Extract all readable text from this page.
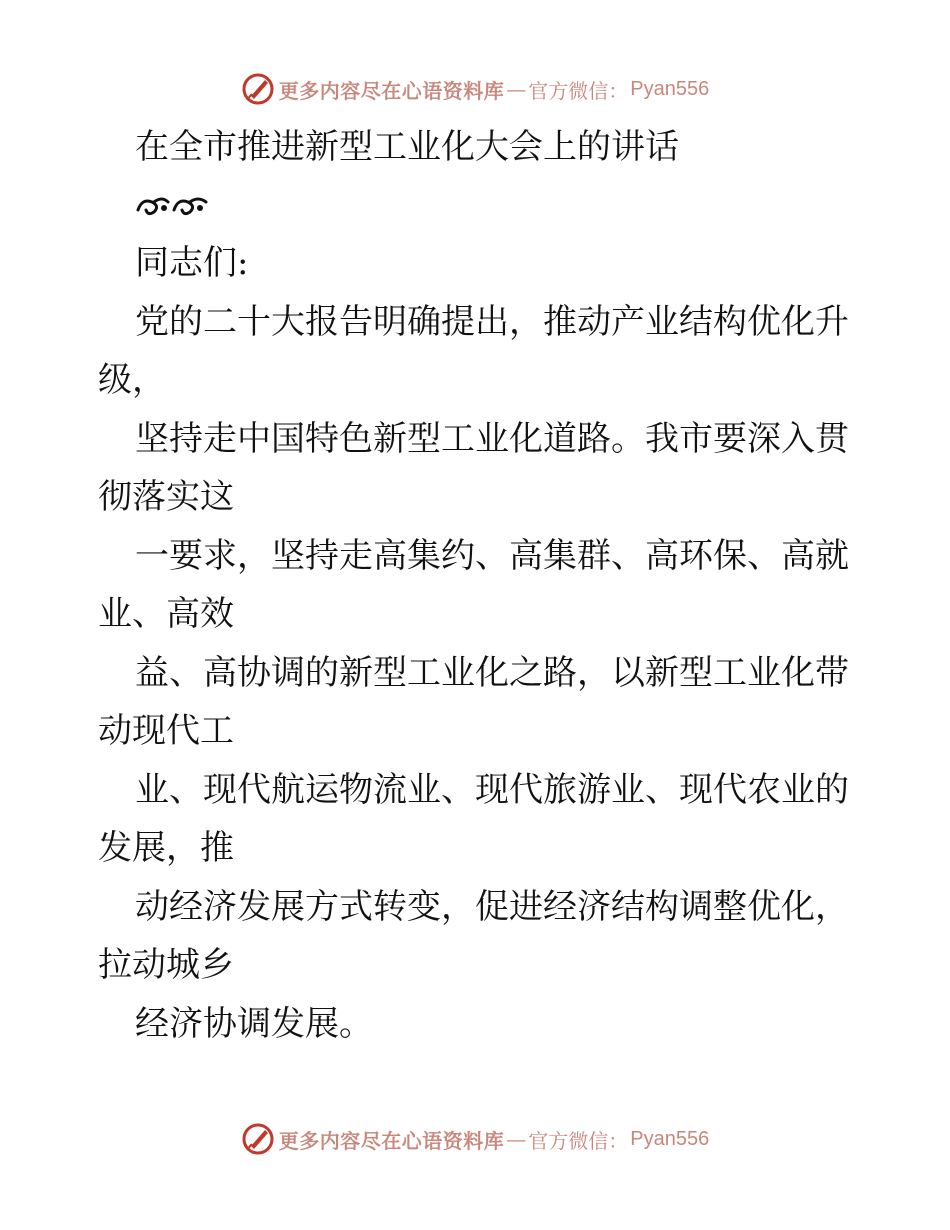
更多内容尽在心语资料库 — 官方微信： Pyan556
在全市推进新型工业化大会上的讲话
同志们:
党的二十大报告明确提出，推动产业结构优化升
级，
坚持走中国特色新型工业化道路。我市要深入贯
彻落实这
一要求，坚持走高集约、高集群、高环保、高就
业、高效
益、高协调的新型工业化之路，以新型工业化带
动现代工
业、现代航运物流业、现代旅游业、现代农业的
发展，推
动经济发展方式转变，促进经济结构调整优化，
拉动城乡
经济协调发展。
更多内容尽在心语资料库 — 官方微信： Pyan556
